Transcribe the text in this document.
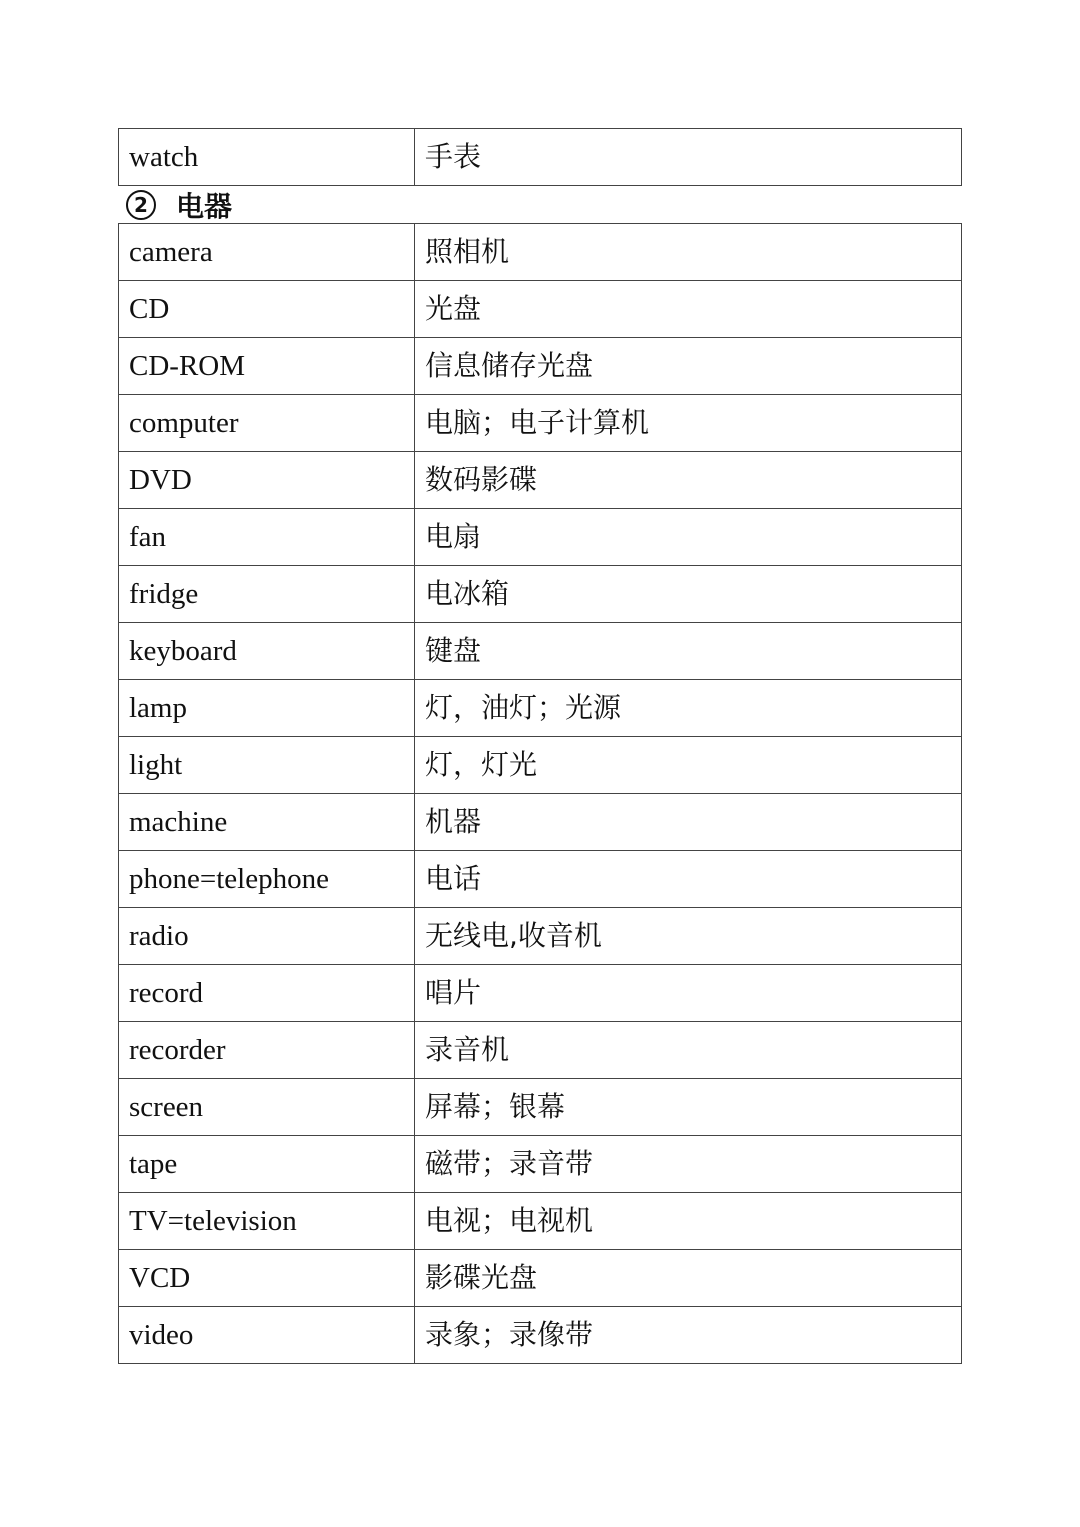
watch	手表
2 电器
camera	照相机
CD	光盘
CD-ROM	信息储存光盘
computer	电脑；电子计算机
DVD	数码影碟
fan	电扇
fridge	电冰箱
keyboard	键盘
lamp	灯，油灯；光源
light	灯，灯光
machine	机器
phone=telephone	电话
radio	无线电,收音机
record	唱片
recorder	录音机
screen	屏幕；银幕
tape	磁带；录音带
TV=television	电视；电视机
VCD	影碟光盘
video	录象；录像带
